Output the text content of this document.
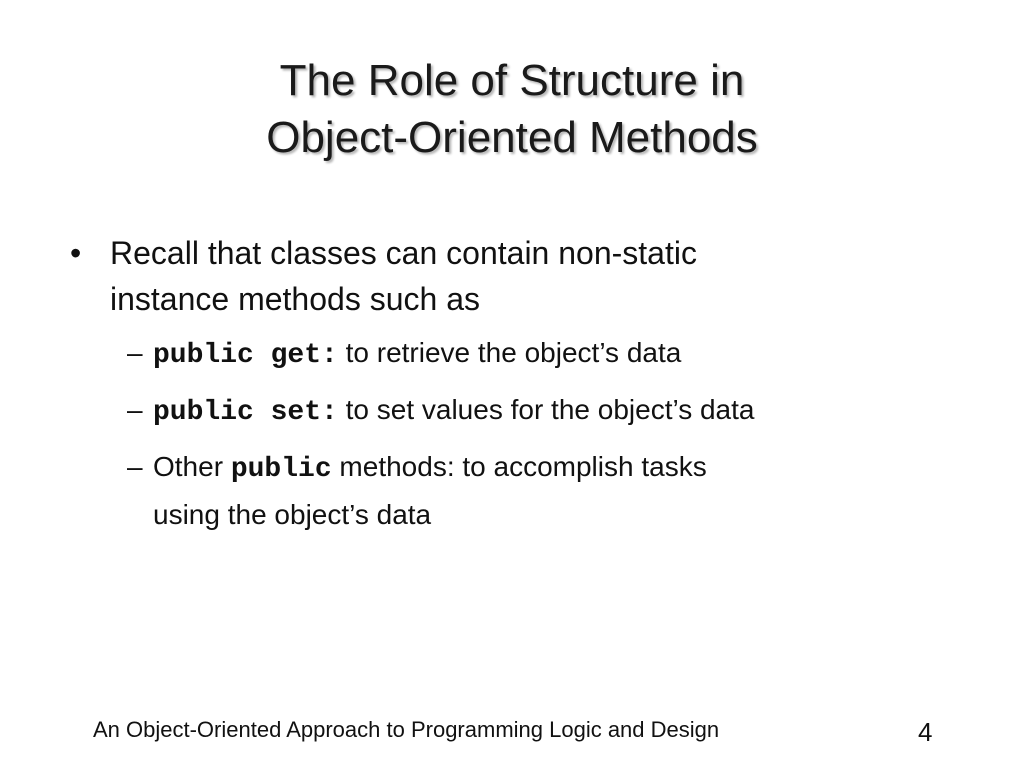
The Role of Structure in
Object-Oriented Methods
• Recall that classes can contain non-static
instance methods such as
– public get: to retrieve the object’s data
– public set: to set values for the object’s data
– Other public methods: to accomplish tasks
using the object’s data
An Object-Oriented Approach to Programming Logic and Design	4
